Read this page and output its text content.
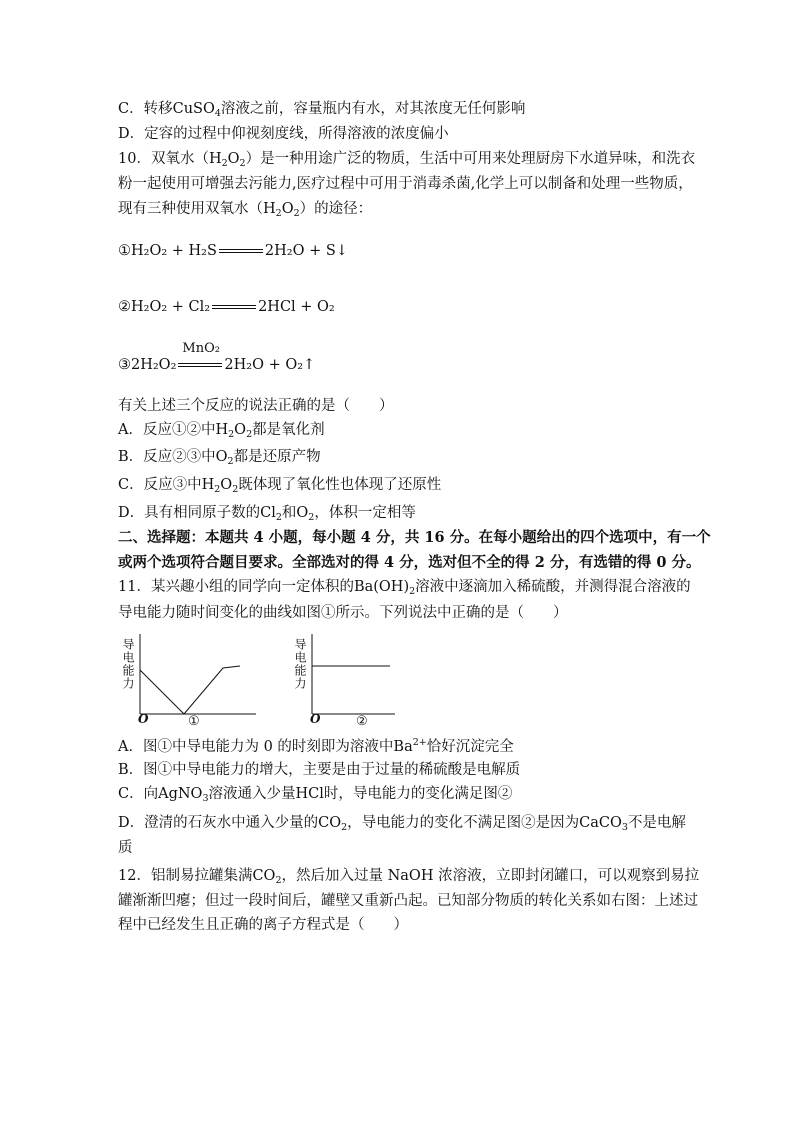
C．转移CuSO$_4$溶液之前，容量瓶内有水，对其浓度无任何影响
D．定容的过程中仰视刻度线，所得溶液的浓度偏小
10．双氧水$(H_2O_2)$是一种用途广泛的物质，生活中可用来处理厨房下水道异味，和洗衣
粉一起使用可增强去污能力,医疗过程中可用于消毒杀菌,化学上可以制备和处理一些物质，
现有三种使用双氧水$(H_2O_2)$的途径：
①H₂O₂ + H₂S	2H₂O + S↓
②H₂O₂ + Cl₂	2HCl + O₂
③2H₂O₂
MnO₂
2H₂O + O₂↑
有关上述三个反应的说法正确的是（　　）
A．反应①②中$H_2O_2$都是氧化剂
B．反应②③中$O_2$都是还原产物
C．反应③中$H_2O_2$既体现了氧化性也体现了还原性
D．具有相同原子数的$Cl_2$和$O_2$，体积一定相等
二、选择题：本题共 4 小题，每小题 4 分，共 16 分。在每小题给出的四个选项中，有一个
或两个选项符合题目要求。全部选对的得 4 分，选对但不全的得 2 分，有选错的得 0 分。
11．某兴趣小组的同学向一定体积的$Ba(OH)_2$溶液中逐滴加入稀硫酸，并测得混合溶液的
导电能力随时间变化的曲线如图①所示。下列说法中正确的是（　　）
导电能力
O	①
导电能力
O	②
A．图①中导电能力为 0 的时刻即为溶液中$Ba^{2+}$恰好沉淀完全
B．图①中导电能力的增大，主要是由于过量的稀硫酸是电解质
C．向AgNO$_3$溶液通入少量HCl时，导电能力的变化满足图②
D．澄清的石灰水中通入少量的$CO_2$，导电能力的变化不满足图②是因为CaCO$_3$不是电解
质
12．铝制易拉罐集满$CO_2$，然后加入过量 NaOH 浓溶液，立即封闭罐口，可以观察到易拉
罐渐渐凹瘪；但过一段时间后，罐壁又重新凸起。已知部分物质的转化关系如右图：上述过
程中已经发生且正确的离子方程式是（　　）
